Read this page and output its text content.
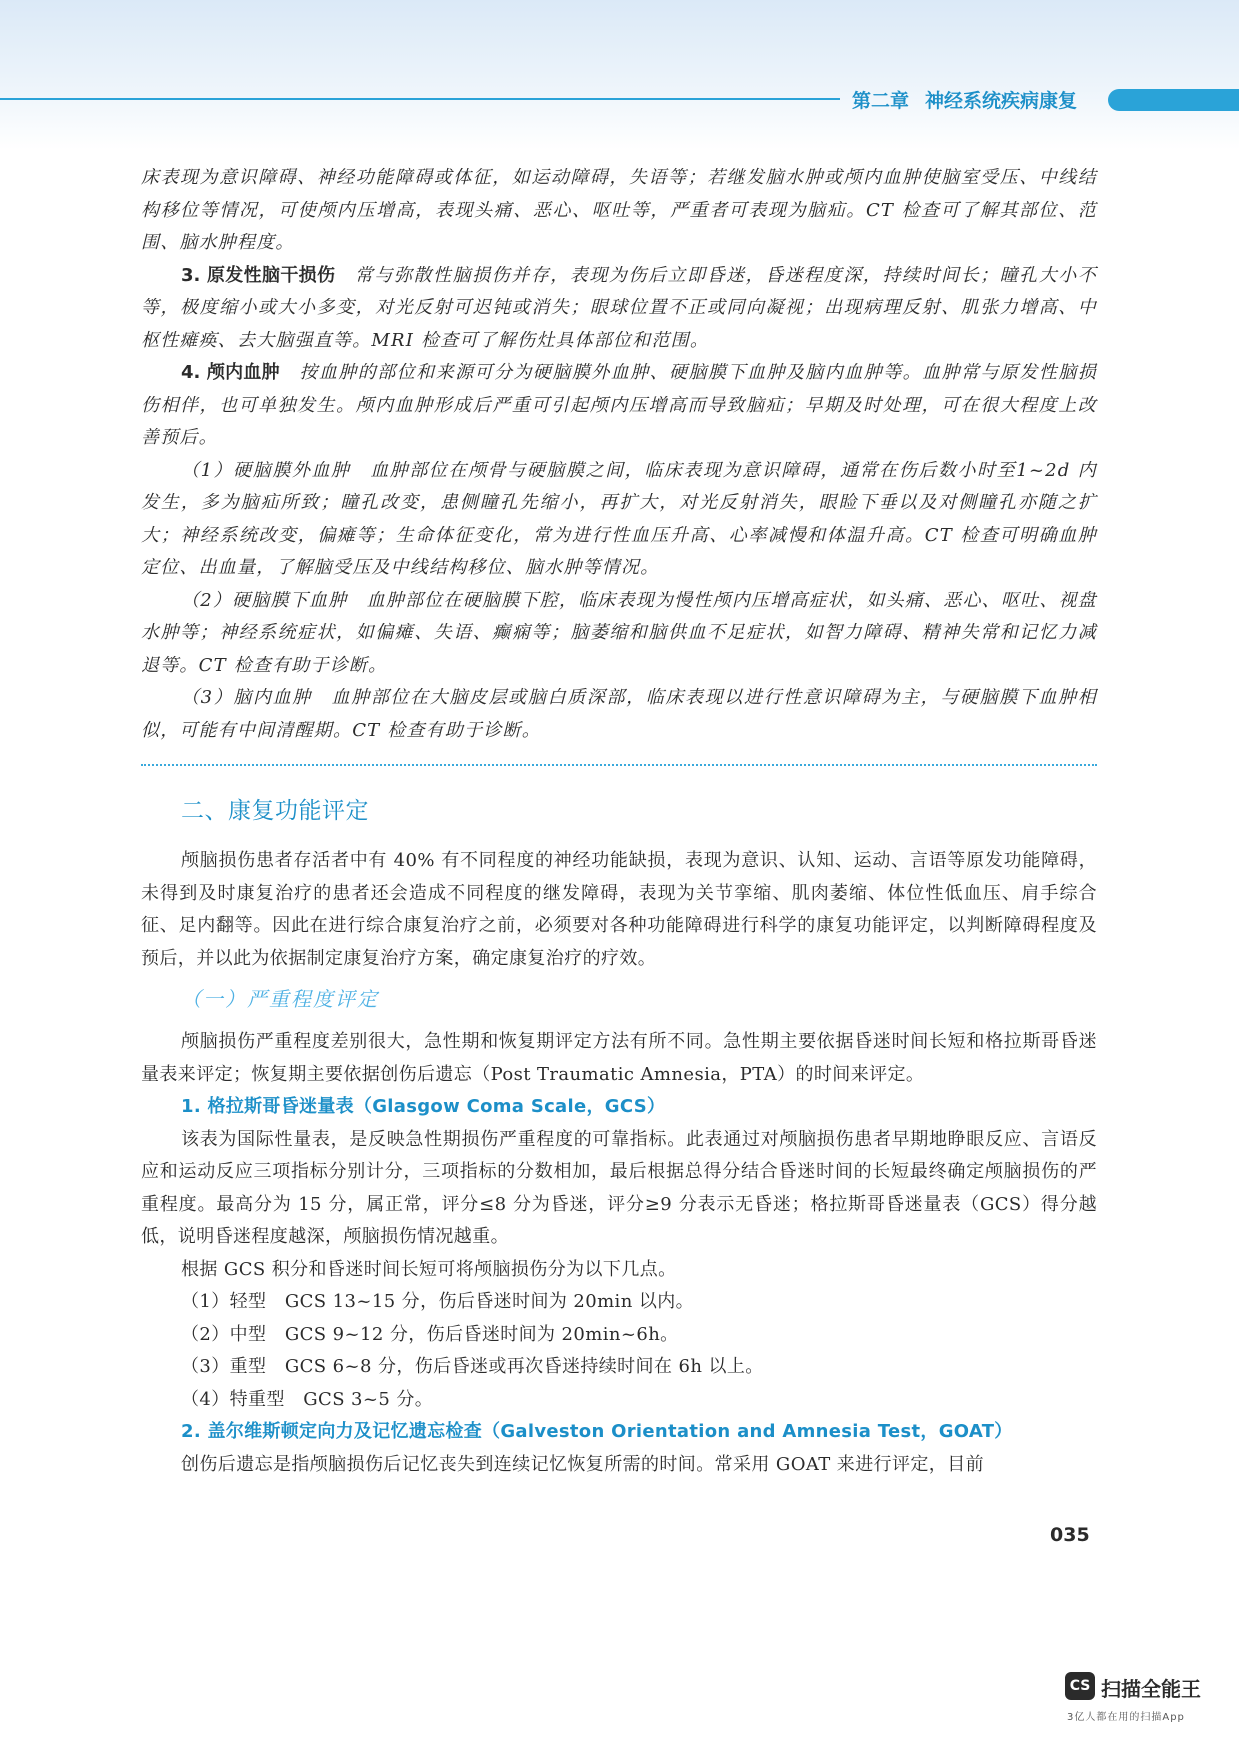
第二章 神经系统疾病康复

床表现为意识障碍、神经功能障碍或体征，如运动障碍，失语等；若继发脑水肿或颅内血肿使脑室受压、中线结构移位等情况，可使颅内压增高，表现头痛、恶心、呕吐等，严重者可表现为脑疝。CT 检查可了解其部位、范围、脑水肿程度。

3. 原发性脑干损伤　 常与弥散性脑损伤并存，表现为伤后立即昏迷，昏迷程度深，持续时间长；瞳孔大小不等，极度缩小或大小多变，对光反射可迟钝或消失；眼球位置不正或同向凝视；出现病理反射、肌张力增高、中枢性瘫痪、去大脑强直等。MRI 检查可了解伤灶具体部位和范围。

4. 颅内血肿　 按血肿的部位和来源可分为硬脑膜外血肿、硬脑膜下血肿及脑内血肿等。血肿常与原发性脑损伤相伴，也可单独发生。颅内血肿形成后严重可引起颅内压增高而导致脑疝；早期及时处理，可在很大程度上改善预后。

（1）硬脑膜外血肿　血肿部位在颅骨与硬脑膜之间，临床表现为意识障碍，通常在伤后数小时至1~2d 内发生，多为脑疝所致；瞳孔改变，患侧瞳孔先缩小，再扩大，对光反射消失，眼睑下垂以及对侧瞳孔亦随之扩大；神经系统改变，偏瘫等；生命体征变化，常为进行性血压升高、心率减慢和体温升高。CT 检查可明确血肿定位、出血量，了解脑受压及中线结构移位、脑水肿等情况。

（2）硬脑膜下血肿　血肿部位在硬脑膜下腔，临床表现为慢性颅内压增高症状，如头痛、恶心、呕吐、视盘水肿等；神经系统症状，如偏瘫、失语、癫痫等；脑萎缩和脑供血不足症状，如智力障碍、精神失常和记忆力减退等。CT 检查有助于诊断。

（3）脑内血肿　血肿部位在大脑皮层或脑白质深部，临床表现以进行性意识障碍为主，与硬脑膜下血肿相似，可能有中间清醒期。CT 检查有助于诊断。

二、康复功能评定

颅脑损伤患者存活者中有 40% 有不同程度的神经功能缺损，表现为意识、认知、运动、言语等原发功能障碍，未得到及时康复治疗的患者还会造成不同程度的继发障碍，表现为关节挛缩、肌肉萎缩、体位性低血压、肩手综合征、足内翻等。因此在进行综合康复治疗之前，必须要对各种功能障碍进行科学的康复功能评定，以判断障碍程度及预后，并以此为依据制定康复治疗方案，确定康复治疗的疗效。

（一）严重程度评定

颅脑损伤严重程度差别很大，急性期和恢复期评定方法有所不同。急性期主要依据昏迷时间长短和格拉斯哥昏迷量表来评定；恢复期主要依据创伤后遗忘（Post Traumatic Amnesia，PTA）的时间来评定。

1. 格拉斯哥昏迷量表（Glasgow Coma Scale，GCS）

该表为国际性量表，是反映急性期损伤严重程度的可靠指标。此表通过对颅脑损伤患者早期地睁眼反应、言语反应和运动反应三项指标分别计分，三项指标的分数相加，最后根据总得分结合昏迷时间的长短最终确定颅脑损伤的严重程度。最高分为 15 分，属正常，评分≤8 分为昏迷，评分≥9 分表示无昏迷；格拉斯哥昏迷量表（GCS）得分越低，说明昏迷程度越深，颅脑损伤情况越重。

根据 GCS 积分和昏迷时间长短可将颅脑损伤分为以下几点。

（1）轻型　GCS 13~15 分，伤后昏迷时间为 20min 以内。

（2）中型　GCS 9~12 分，伤后昏迷时间为 20min~6h。

（3）重型　GCS 6~8 分，伤后昏迷或再次昏迷持续时间在 6h 以上。

（4）特重型　GCS 3~5 分。

2. 盖尔维斯顿定向力及记忆遗忘检查（Galveston Orientation and Amnesia Test，GOAT）

创伤后遗忘是指颅脑损伤后记忆丧失到连续记忆恢复所需的时间。常采用 GOAT 来进行评定，目前

035
CS 扫描全能王
3亿人都在用的扫描App
